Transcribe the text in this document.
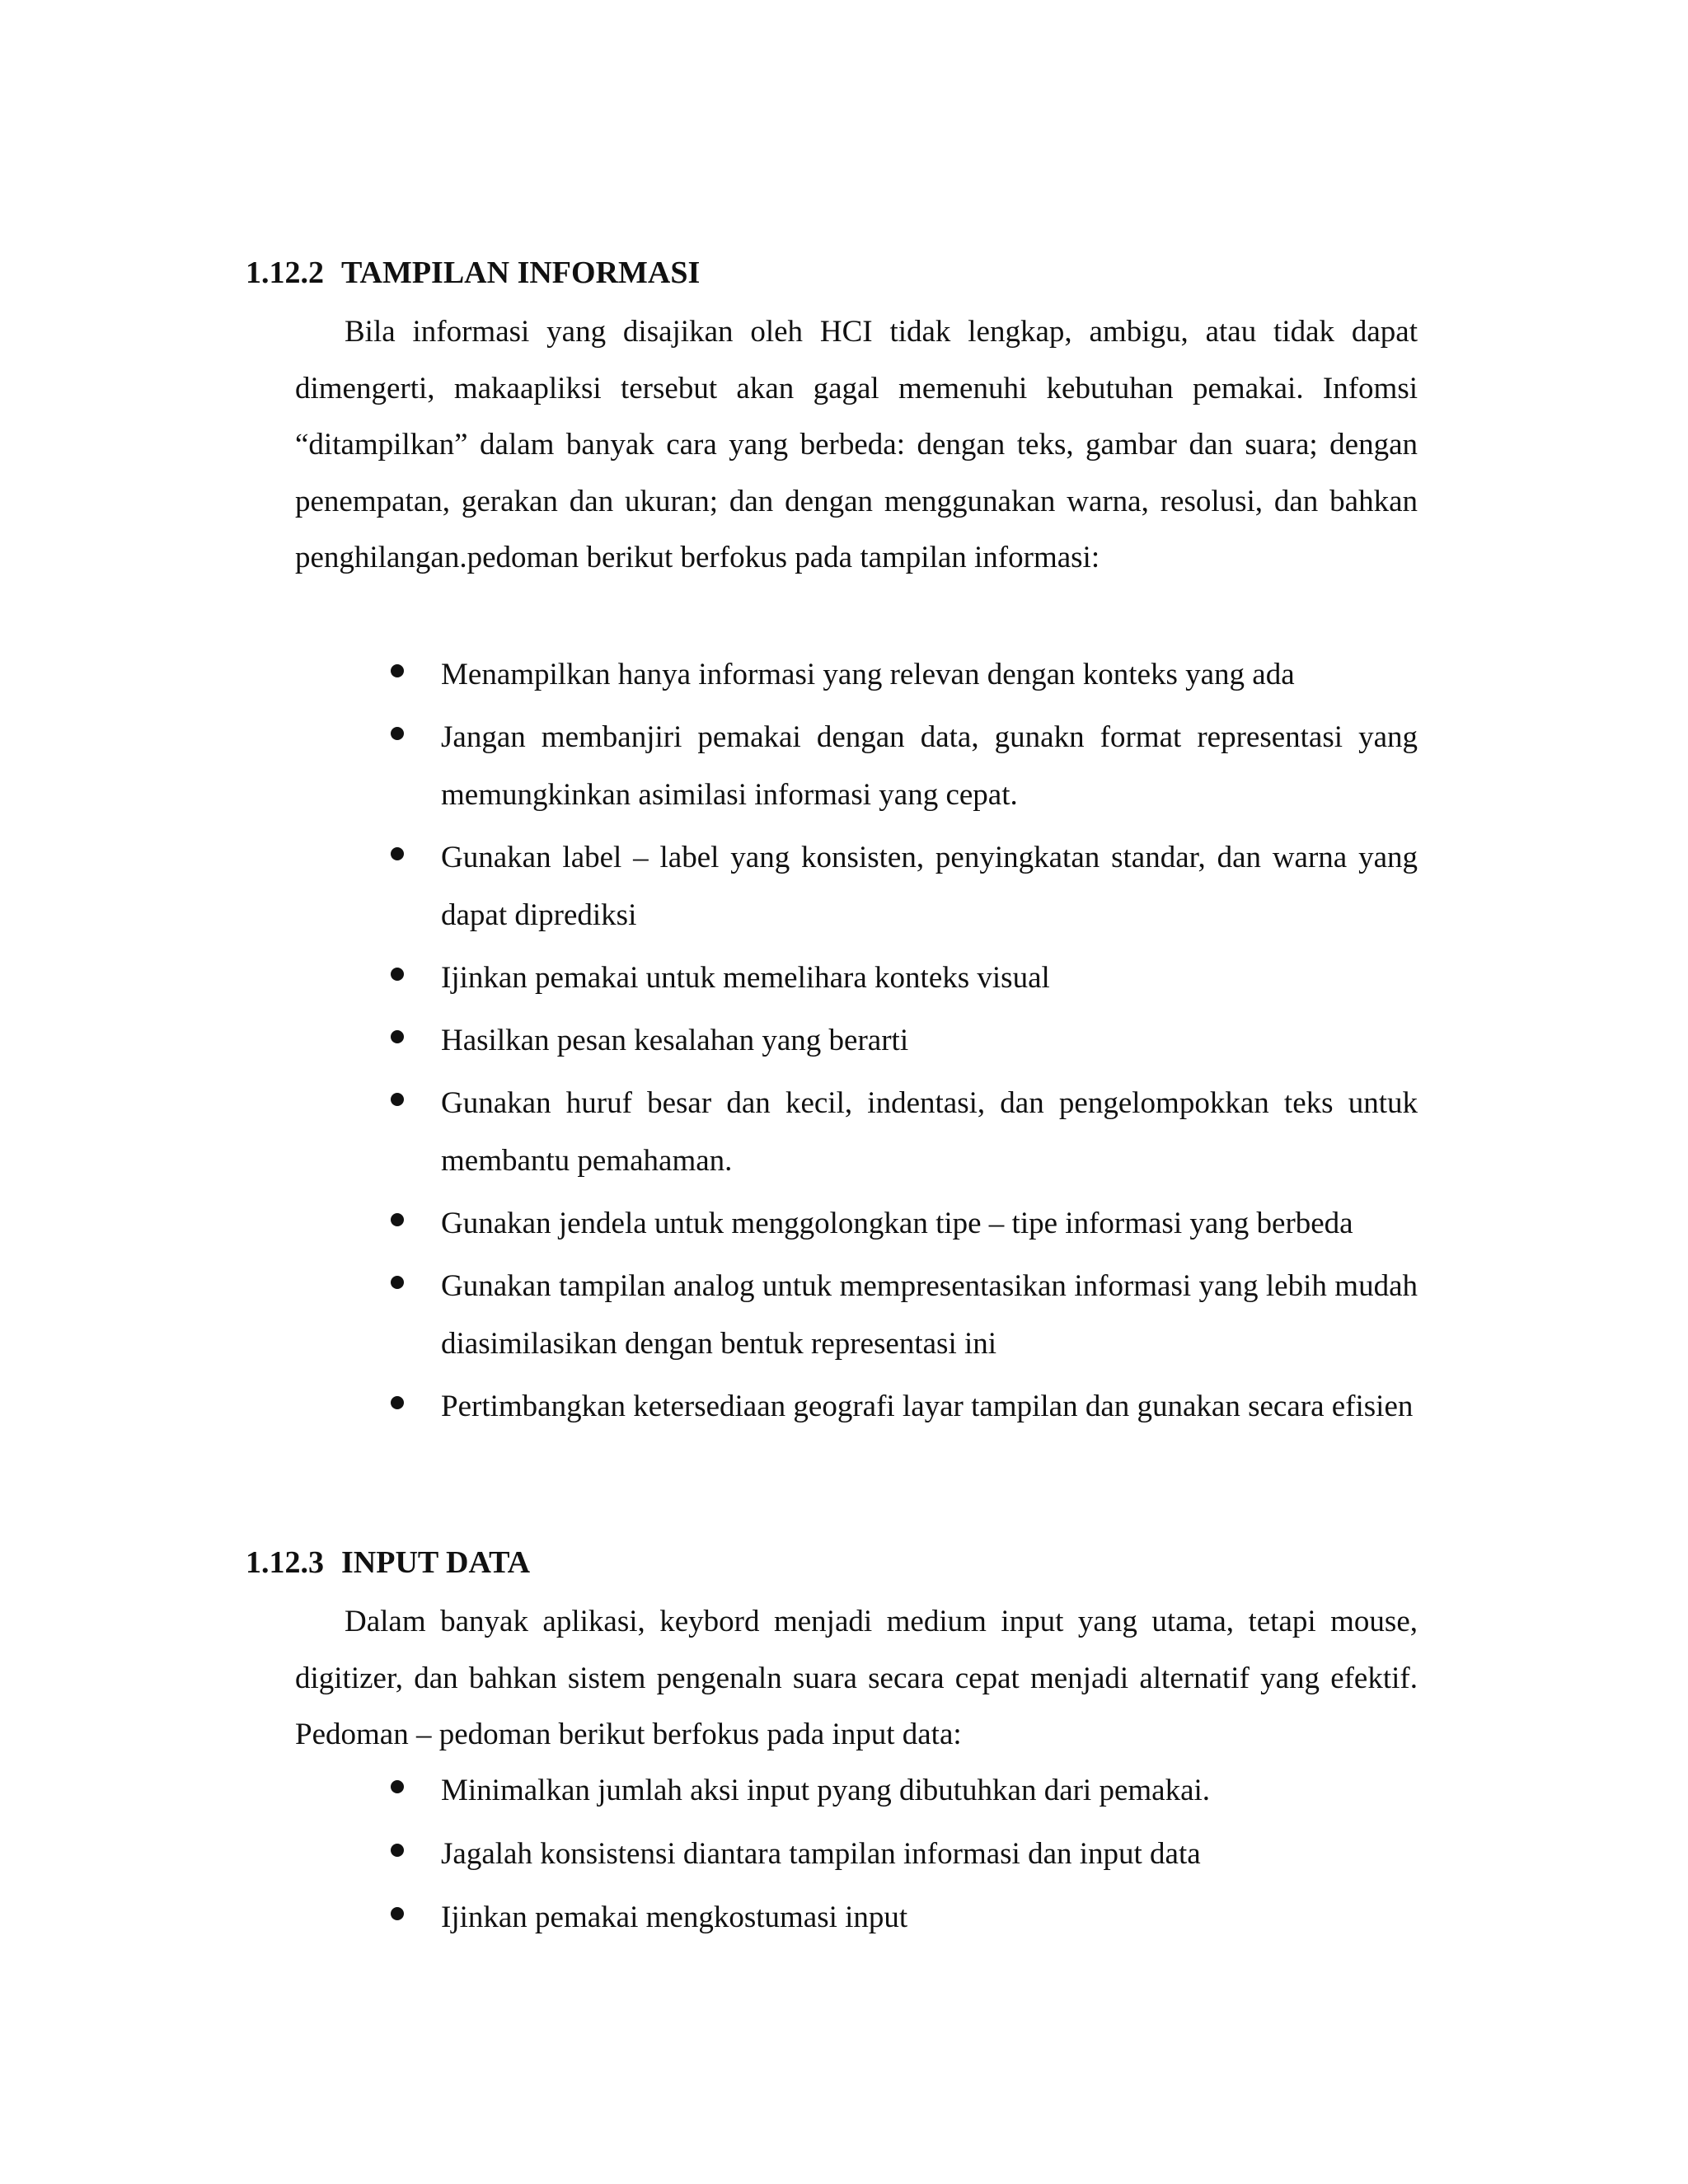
1.12.2 TAMPILAN INFORMASI

Bila informasi yang disajikan oleh HCI tidak lengkap, ambigu, atau tidak dapat dimengerti, makaapliksi tersebut akan gagal memenuhi kebutuhan pemakai. Infomsi “ditampilkan” dalam banyak cara yang berbeda: dengan teks, gambar dan suara; dengan penempatan, gerakan dan ukuran; dan dengan menggunakan warna, resolusi, dan bahkan penghilangan.pedoman berikut berfokus pada tampilan informasi:

Menampilkan hanya informasi yang relevan dengan konteks yang ada
Jangan membanjiri pemakai dengan data, gunakn format representasi yang memungkinkan asimilasi informasi yang cepat.
Gunakan label – label yang konsisten, penyingkatan standar, dan warna yang dapat diprediksi
Ijinkan pemakai untuk memelihara konteks visual
Hasilkan pesan kesalahan yang berarti
Gunakan huruf besar dan kecil, indentasi, dan pengelompokkan teks untuk membantu pemahaman.
Gunakan jendela untuk menggolongkan tipe – tipe informasi yang berbeda
Gunakan tampilan analog untuk mempresentasikan informasi yang lebih mudah diasimilasikan dengan bentuk representasi ini
Pertimbangkan ketersediaan geografi layar tampilan dan gunakan secara efisien
1.12.3 INPUT DATA

Dalam banyak aplikasi, keybord menjadi medium input yang utama, tetapi mouse, digitizer, dan bahkan sistem pengenaln suara secara cepat menjadi alternatif yang efektif. Pedoman – pedoman berikut berfokus pada input data:

Minimalkan jumlah aksi input pyang dibutuhkan dari pemakai.
Jagalah konsistensi diantara tampilan informasi dan input data
Ijinkan pemakai mengkostumasi input
